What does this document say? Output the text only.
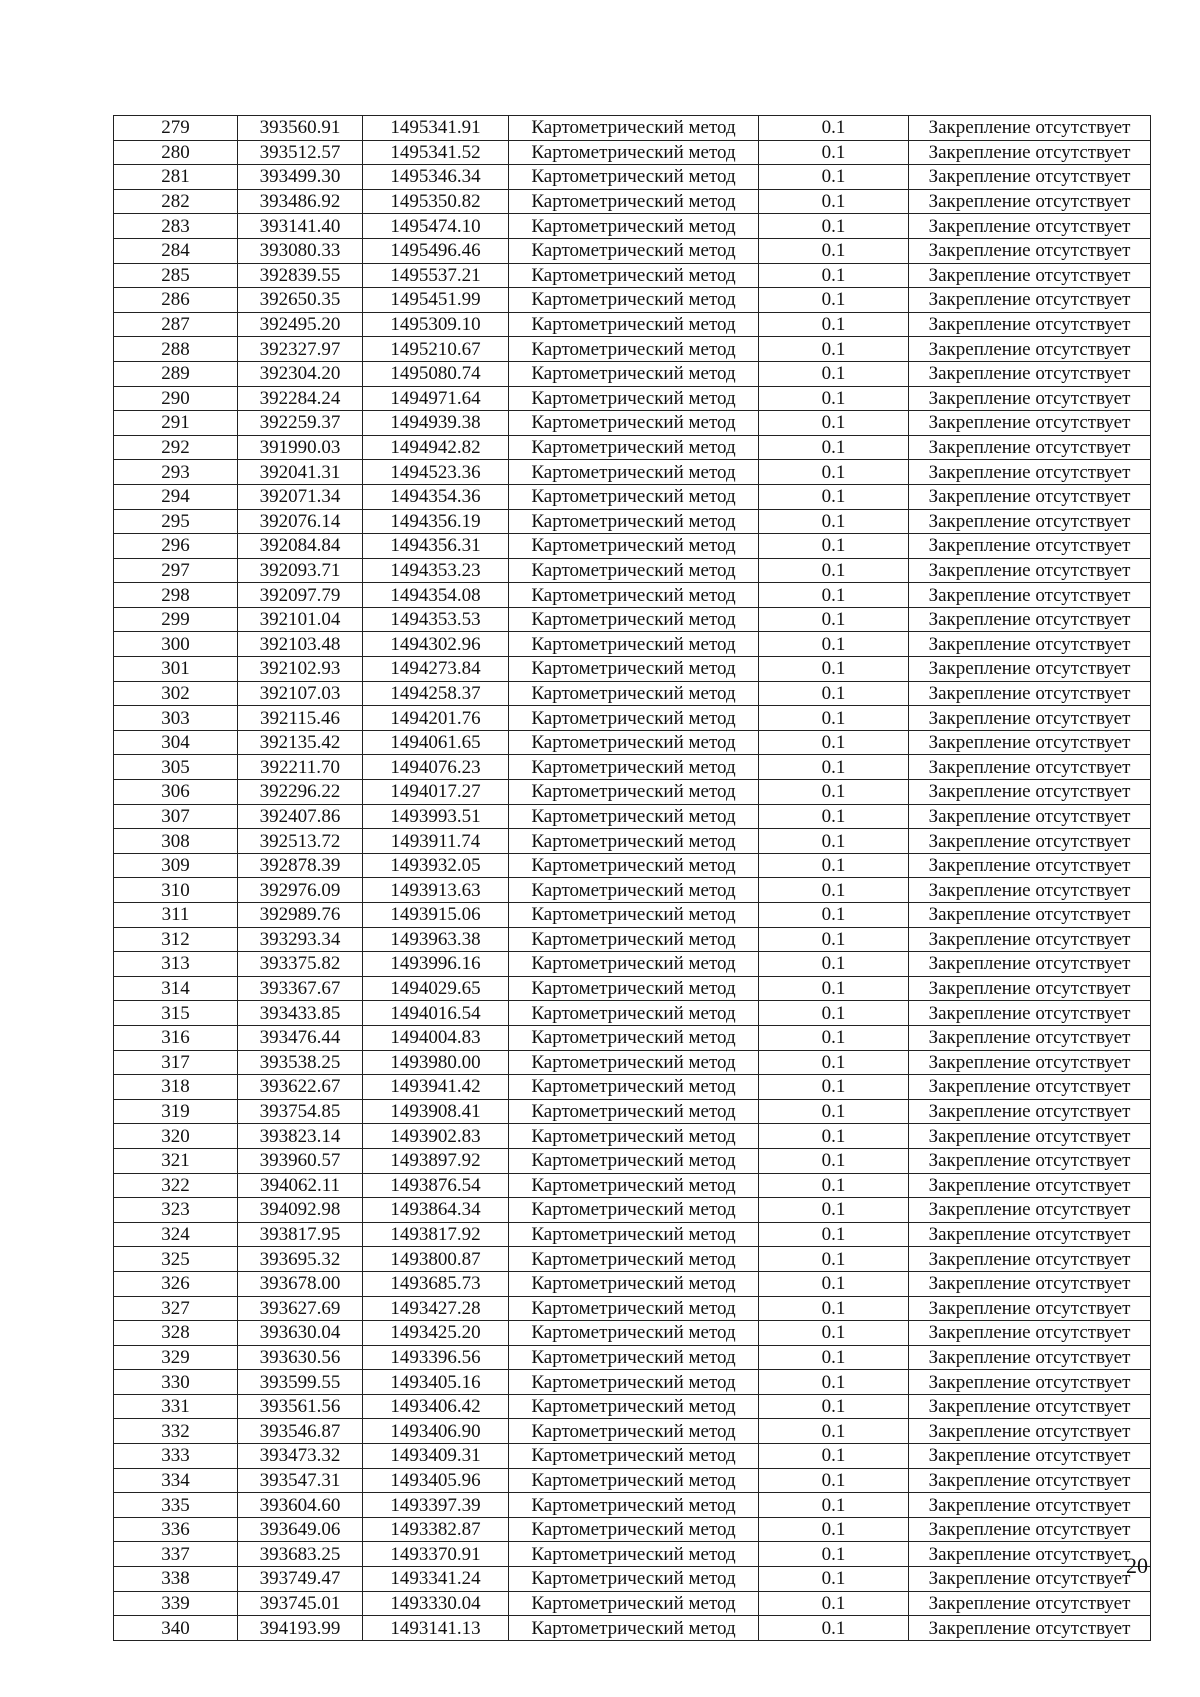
279	393560.91	1495341.91	Картометрический метод	0.1	Закрепление отсутствует
280	393512.57	1495341.52	Картометрический метод	0.1	Закрепление отсутствует
281	393499.30	1495346.34	Картометрический метод	0.1	Закрепление отсутствует
282	393486.92	1495350.82	Картометрический метод	0.1	Закрепление отсутствует
283	393141.40	1495474.10	Картометрический метод	0.1	Закрепление отсутствует
284	393080.33	1495496.46	Картометрический метод	0.1	Закрепление отсутствует
285	392839.55	1495537.21	Картометрический метод	0.1	Закрепление отсутствует
286	392650.35	1495451.99	Картометрический метод	0.1	Закрепление отсутствует
287	392495.20	1495309.10	Картометрический метод	0.1	Закрепление отсутствует
288	392327.97	1495210.67	Картометрический метод	0.1	Закрепление отсутствует
289	392304.20	1495080.74	Картометрический метод	0.1	Закрепление отсутствует
290	392284.24	1494971.64	Картометрический метод	0.1	Закрепление отсутствует
291	392259.37	1494939.38	Картометрический метод	0.1	Закрепление отсутствует
292	391990.03	1494942.82	Картометрический метод	0.1	Закрепление отсутствует
293	392041.31	1494523.36	Картометрический метод	0.1	Закрепление отсутствует
294	392071.34	1494354.36	Картометрический метод	0.1	Закрепление отсутствует
295	392076.14	1494356.19	Картометрический метод	0.1	Закрепление отсутствует
296	392084.84	1494356.31	Картометрический метод	0.1	Закрепление отсутствует
297	392093.71	1494353.23	Картометрический метод	0.1	Закрепление отсутствует
298	392097.79	1494354.08	Картометрический метод	0.1	Закрепление отсутствует
299	392101.04	1494353.53	Картометрический метод	0.1	Закрепление отсутствует
300	392103.48	1494302.96	Картометрический метод	0.1	Закрепление отсутствует
301	392102.93	1494273.84	Картометрический метод	0.1	Закрепление отсутствует
302	392107.03	1494258.37	Картометрический метод	0.1	Закрепление отсутствует
303	392115.46	1494201.76	Картометрический метод	0.1	Закрепление отсутствует
304	392135.42	1494061.65	Картометрический метод	0.1	Закрепление отсутствует
305	392211.70	1494076.23	Картометрический метод	0.1	Закрепление отсутствует
306	392296.22	1494017.27	Картометрический метод	0.1	Закрепление отсутствует
307	392407.86	1493993.51	Картометрический метод	0.1	Закрепление отсутствует
308	392513.72	1493911.74	Картометрический метод	0.1	Закрепление отсутствует
309	392878.39	1493932.05	Картометрический метод	0.1	Закрепление отсутствует
310	392976.09	1493913.63	Картометрический метод	0.1	Закрепление отсутствует
311	392989.76	1493915.06	Картометрический метод	0.1	Закрепление отсутствует
312	393293.34	1493963.38	Картометрический метод	0.1	Закрепление отсутствует
313	393375.82	1493996.16	Картометрический метод	0.1	Закрепление отсутствует
314	393367.67	1494029.65	Картометрический метод	0.1	Закрепление отсутствует
315	393433.85	1494016.54	Картометрический метод	0.1	Закрепление отсутствует
316	393476.44	1494004.83	Картометрический метод	0.1	Закрепление отсутствует
317	393538.25	1493980.00	Картометрический метод	0.1	Закрепление отсутствует
318	393622.67	1493941.42	Картометрический метод	0.1	Закрепление отсутствует
319	393754.85	1493908.41	Картометрический метод	0.1	Закрепление отсутствует
320	393823.14	1493902.83	Картометрический метод	0.1	Закрепление отсутствует
321	393960.57	1493897.92	Картометрический метод	0.1	Закрепление отсутствует
322	394062.11	1493876.54	Картометрический метод	0.1	Закрепление отсутствует
323	394092.98	1493864.34	Картометрический метод	0.1	Закрепление отсутствует
324	393817.95	1493817.92	Картометрический метод	0.1	Закрепление отсутствует
325	393695.32	1493800.87	Картометрический метод	0.1	Закрепление отсутствует
326	393678.00	1493685.73	Картометрический метод	0.1	Закрепление отсутствует
327	393627.69	1493427.28	Картометрический метод	0.1	Закрепление отсутствует
328	393630.04	1493425.20	Картометрический метод	0.1	Закрепление отсутствует
329	393630.56	1493396.56	Картометрический метод	0.1	Закрепление отсутствует
330	393599.55	1493405.16	Картометрический метод	0.1	Закрепление отсутствует
331	393561.56	1493406.42	Картометрический метод	0.1	Закрепление отсутствует
332	393546.87	1493406.90	Картометрический метод	0.1	Закрепление отсутствует
333	393473.32	1493409.31	Картометрический метод	0.1	Закрепление отсутствует
334	393547.31	1493405.96	Картометрический метод	0.1	Закрепление отсутствует
335	393604.60	1493397.39	Картометрический метод	0.1	Закрепление отсутствует
336	393649.06	1493382.87	Картометрический метод	0.1	Закрепление отсутствует
337	393683.25	1493370.91	Картометрический метод	0.1	Закрепление отсутствует
338	393749.47	1493341.24	Картометрический метод	0.1	Закрепление отсутствует
339	393745.01	1493330.04	Картометрический метод	0.1	Закрепление отсутствует
340	394193.99	1493141.13	Картометрический метод	0.1	Закрепление отсутствует
20
